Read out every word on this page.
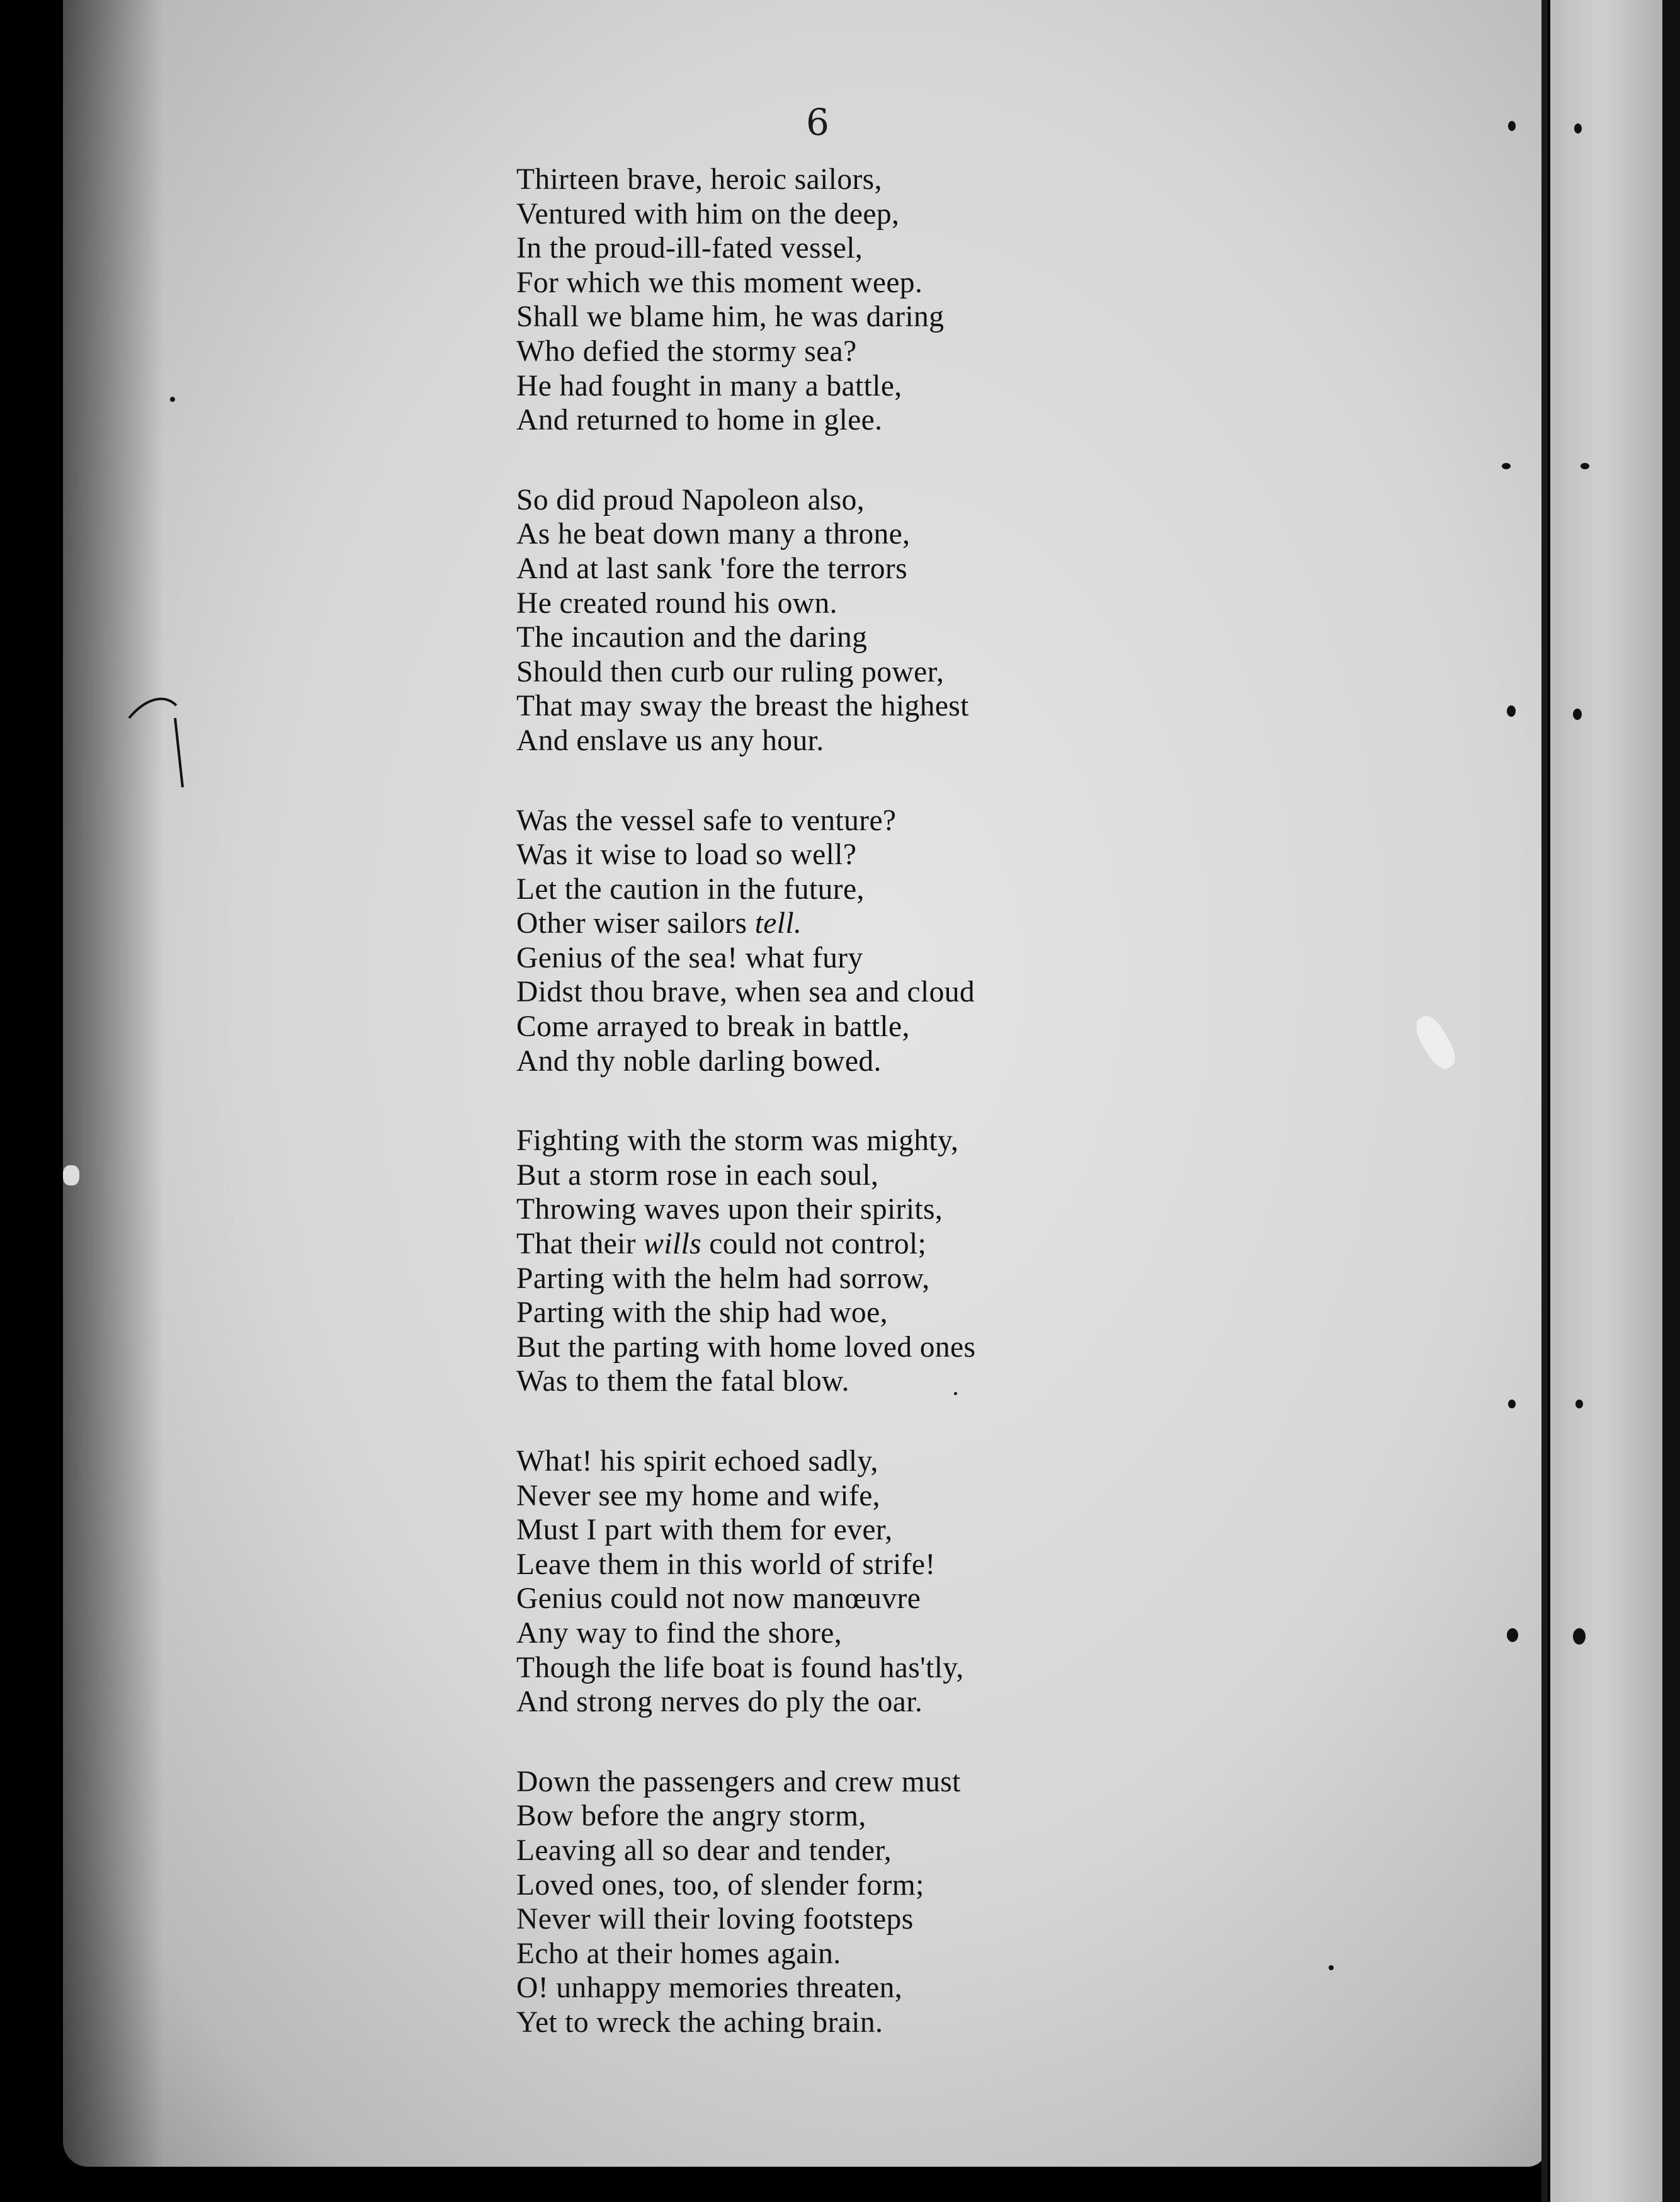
6
Thirteen brave, heroic sailors,
Ventured with him on the deep,
In the proud-ill-fated vessel,
For which we this moment weep.
Shall we blame him, he was daring
Who defied the stormy sea?
He had fought in many a battle,
And returned to home in glee.
So did proud Napoleon also,
As he beat down many a throne,
And at last sank 'fore the terrors
He created round his own.
The incaution and the daring
Should then curb our ruling power,
That may sway the breast the highest
And enslave us any hour.
Was the vessel safe to venture?
Was it wise to load so well?
Let the caution in the future,
Other wiser sailors tell.
Genius of the sea! what fury
Didst thou brave, when sea and cloud
Come arrayed to break in battle,
And thy noble darling bowed.
Fighting with the storm was mighty,
But a storm rose in each soul,
Throwing waves upon their spirits,
That their wills could not control;
Parting with the helm had sorrow,
Parting with the ship had woe,
But the parting with home loved ones
Was to them the fatal blow.
What! his spirit echoed sadly,
Never see my home and wife,
Must I part with them for ever,
Leave them in this world of strife!
Genius could not now manœuvre
Any way to find the shore,
Though the life boat is found has'tly,
And strong nerves do ply the oar.
Down the passengers and crew must
Bow before the angry storm,
Leaving all so dear and tender,
Loved ones, too, of slender form;
Never will their loving footsteps
Echo at their homes again.
O! unhappy memories threaten,
Yet to wreck the aching brain.
